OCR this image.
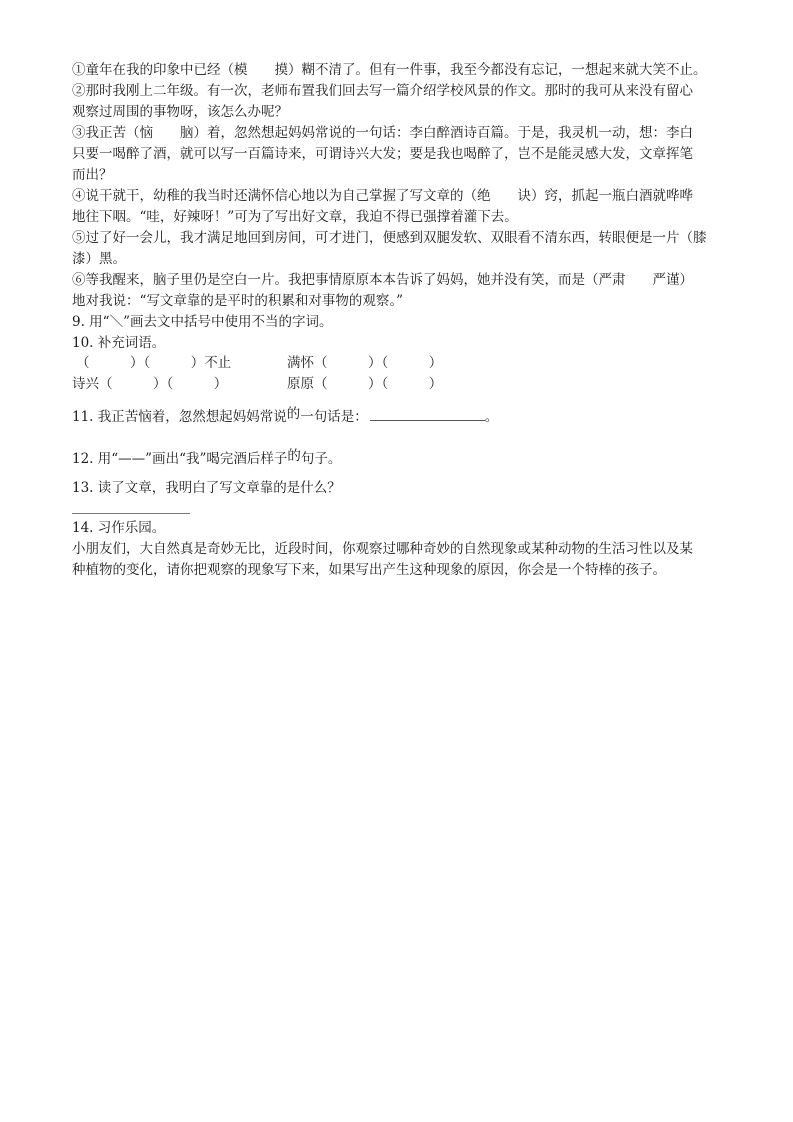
①童年在我的印象中已经（模　　摸）糊不清了。但有一件事，我至今都没有忘记，一想起来就大笑不止。
②那时我刚上二年级。有一次，老师布置我们回去写一篇介绍学校风景的作文。那时的我可从来没有留心
观察过周围的事物呀，该怎么办呢？
③我正苦（恼　　脑）着，忽然想起妈妈常说的一句话：李白醉酒诗百篇。于是，我灵机一动，想：李白
只要一喝醉了酒，就可以写一百篇诗来，可谓诗兴大发；要是我也喝醉了，岂不是能灵感大发，文章挥笔
而出？
④说干就干，幼稚的我当时还满怀信心地以为自己掌握了写文章的（绝　　诀）窍，抓起一瓶白酒就哗哗
地往下咽。“哇，好辣呀！”可为了写出好文章，我迫不得已强撑着灌下去。
⑤过了好一会儿，我才满足地回到房间，可才进门，便感到双腿发软、双眼看不清东西，转眼便是一片（膝
漆）黑。
⑥等我醒来，脑子里仍是空白一片。我把事情原原本本告诉了妈妈，她并没有笑，而是（严肃　　严谨）
地对我说：“写文章靠的是平时的积累和对事物的观察。”
9. 用“＼”画去文中括号中使用不当的字词。
10. 补充词语。
（　　　）（　　　）不止	满怀（　　　）（　　　）
诗兴（　　　）（　　　）	原原（　　　）（　　　）
11. 我正苦恼着，忽然想起妈妈常说的一句话是：	。
12. 用“——”画出“我”喝完酒后样子的句子。
13. 读了文章，我明白了写文章靠的是什么？
14. 习作乐园。
小朋友们，大自然真是奇妙无比，近段时间，你观察过哪种奇妙的自然现象或某种动物的生活习性以及某
种植物的变化，请你把观察的现象写下来，如果写出产生这种现象的原因，你会是一个特棒的孩子。
